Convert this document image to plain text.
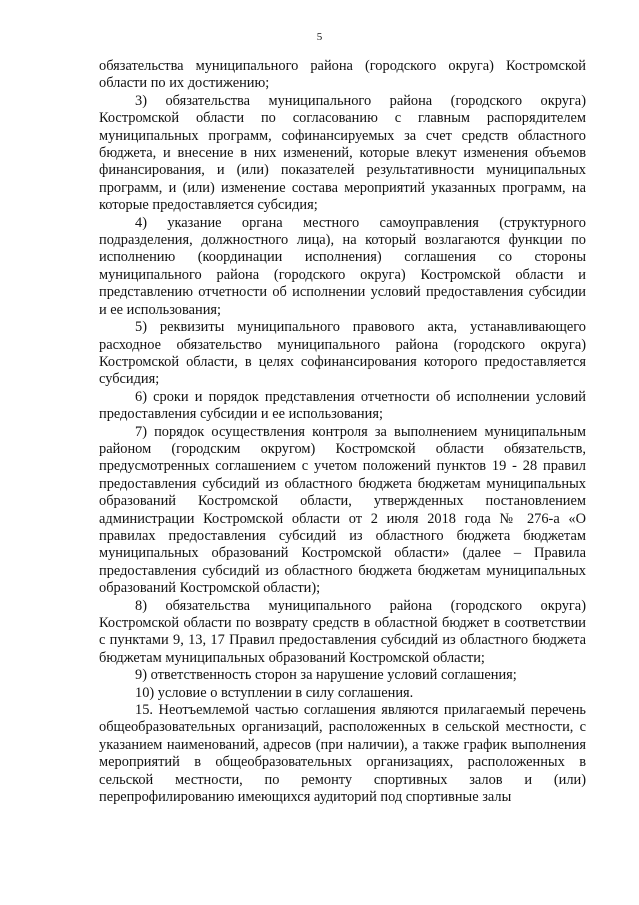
5

обязательства муниципального района (городского округа) Костромской области по их достижению;

3) обязательства муниципального района (городского округа) Костромской области по согласованию с главным распорядителем муниципальных программ, софинансируемых за счет средств областного бюджета, и внесение в них изменений, которые влекут изменения объемов финансирования, и (или) показателей результативности муниципальных программ, и (или) изменение состава мероприятий указанных программ, на которые предоставляется субсидия;

4) указание органа местного самоуправления (структурного подразделения, должностного лица), на который возлагаются функции по исполнению (координации исполнения) соглашения со стороны муниципального района (городского округа) Костромской области и представлению отчетности об исполнении условий предоставления субсидии и ее использования;

5) реквизиты муниципального правового акта, устанавливающего расходное обязательство муниципального района (городского округа) Костромской области, в целях софинансирования которого предоставляется субсидия;

6) сроки и порядок представления отчетности об исполнении условий предоставления субсидии и ее использования;

7) порядок осуществления контроля за выполнением муниципальным районом (городским округом) Костромской области обязательств, предусмотренных соглашением с учетом положений пунктов 19 - 28 правил предоставления субсидий из областного бюджета бюджетам муниципальных образований Костромской области, утвержденных постановлением администрации Костромской области от 2 июля 2018 года № 276-а «О правилах предоставления субсидий из областного бюджета бюджетам муниципальных образований Костромской области» (далее – Правила предоставления субсидий из областного бюджета бюджетам муниципальных образований Костромской области);

8) обязательства муниципального района (городского округа) Костромской области по возврату средств в областной бюджет в соответствии с пунктами 9, 13, 17 Правил предоставления субсидий из областного бюджета бюджетам муниципальных образований Костромской области;

9) ответственность сторон за нарушение условий соглашения;

10) условие о вступлении в силу соглашения.

15. Неотъемлемой частью соглашения являются прилагаемый перечень общеобразовательных организаций, расположенных в сельской местности, с указанием наименований, адресов (при наличии), а также график выполнения мероприятий в общеобразовательных организациях, расположенных в сельской местности, по ремонту спортивных залов и (или) перепрофилированию имеющихся аудиторий под спортивные залы
